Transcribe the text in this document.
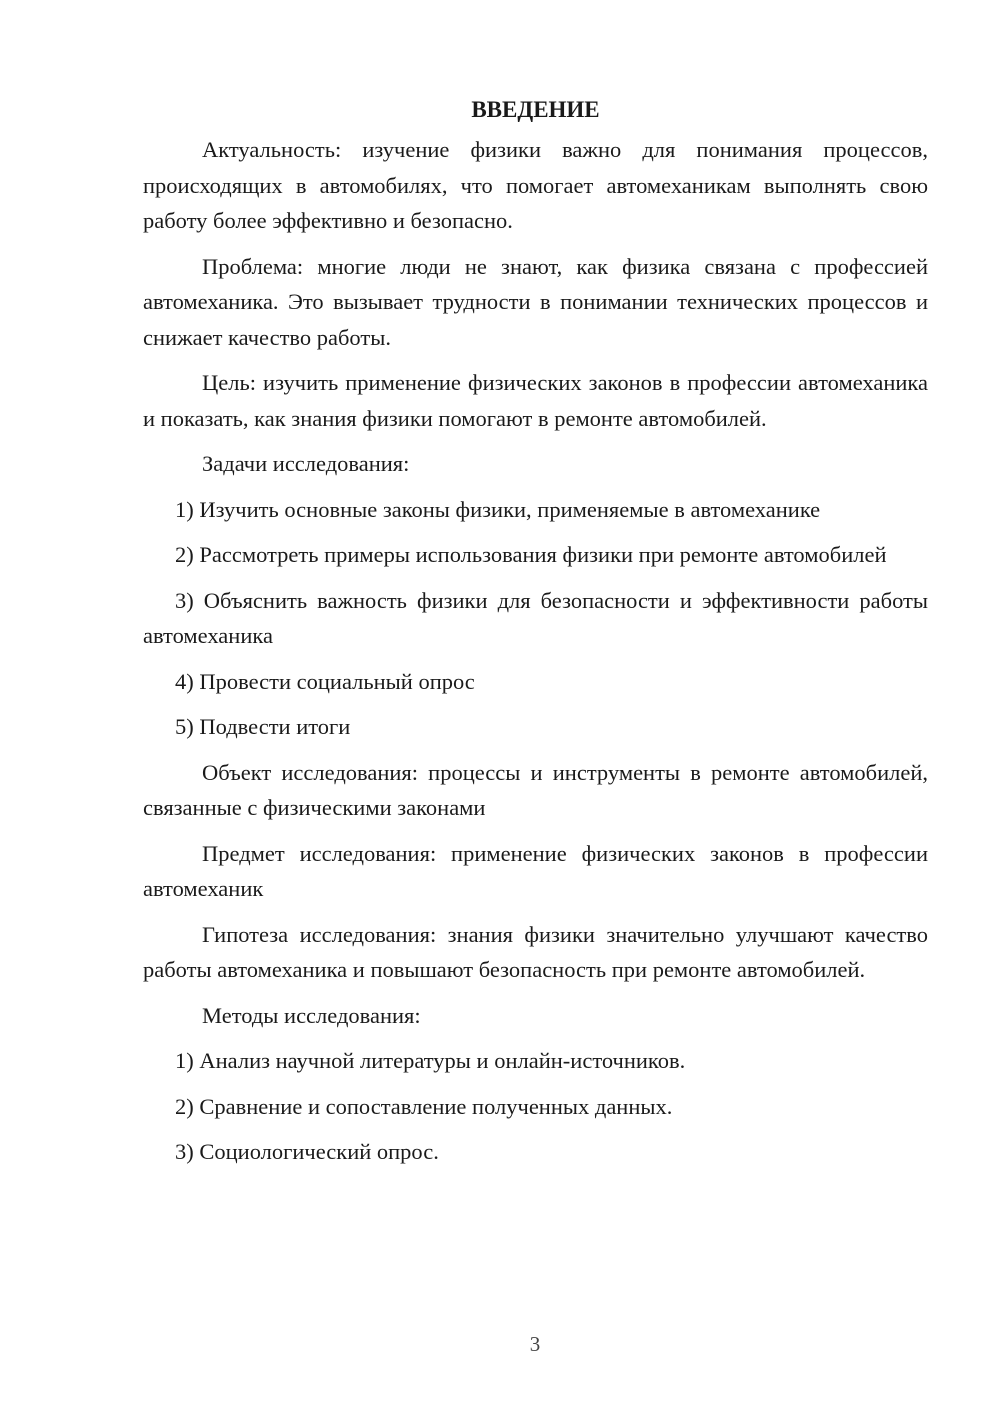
ВВЕДЕНИЕ

Актуальность: изучение физики важно для понимания процессов, происходящих в автомобилях, что помогает автомеханикам выполнять свою работу более эффективно и безопасно.

Проблема: многие люди не знают, как физика связана с профессией автомеханика. Это вызывает трудности в понимании технических процессов и снижает качество работы.

Цель: изучить применение физических законов в профессии автомеханика и показать, как знания физики помогают в ремонте автомобилей.

Задачи исследования:

1) Изучить основные законы физики, применяемые в автомеханике

2) Рассмотреть примеры использования физики при ремонте автомобилей

3) Объяснить важность физики для безопасности и эффективности работы автомеханика

4) Провести социальный опрос

5) Подвести итоги

Объект исследования: процессы и инструменты в ремонте автомобилей, связанные с физическими законами

Предмет исследования: применение физических законов в профессии автомеханик

Гипотеза исследования: знания физики значительно улучшают качество работы автомеханика и повышают безопасность при ремонте автомобилей.

Методы исследования:

1) Анализ научной литературы и онлайн-источников.

2) Сравнение и сопоставление полученных данных.

3) Социологический опрос.

3
